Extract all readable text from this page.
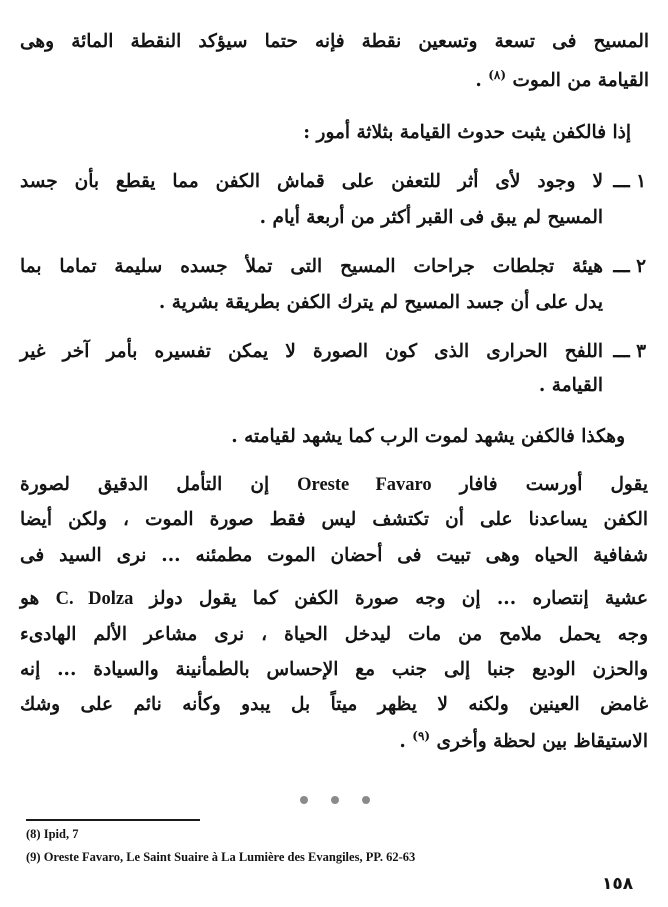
المسيح فى تسعة وتسعين نقطة فإنه حتما سيؤكد النقطة المائة وهى
القيامة من الموت $^{(٨)}$ .
إذا فالكفن يثبت حدوث القيامة بثلاثة أمور :
١ ـــ
لا وجود لأى أثر للتعفن على قماش الكفن مما يقطع بأن جسد
المسيح لم يبق فى القبر أكثر من أربعة أيام .
٢ ـــ
هيئة تجلطات جراحات المسيح التى تملأ جسده سليمة تماما بما
يدل على أن جسد المسيح لم يترك الكفن بطريقة بشرية .
٣ ـــ
اللفح الحرارى الذى كون الصورة لا يمكن تفسيره بأمر آخر غير
القيامة .
وهكذا فالكفن يشهد لموت الرب كما يشهد لقيامته .
يقول أورست فافار Oreste Favaro إن التأمل الدقيق لصورة
الكفن يساعدنا على أن تكتشف ليس فقط صورة الموت ، ولكن أيضا
شفافية الحياه وهى تبيت فى أحضان الموت مطمئنه ... نرى السيد فى
عشية إنتصاره ... إن وجه صورة الكفن كما يقول دولز C. Dolza هو
وجه يحمل ملامح من مات ليدخل الحياة ، نرى مشاعر الألم الهادىء
والحزن الوديع جنبا إلى جنب مع الإحساس بالطمأنينة والسيادة ... إنه
غامض العينين ولكنه لا يظهر ميتاً بل يبدو وكأنه نائم على وشك
الاستيقاظ بين لحظة وأخرى $^{(٩)}$ .
(8) Ipid, 7
(9) Oreste Favaro, Le Saint Suaire à La Lumière des Evangiles, PP. 62-63
١٥٨
